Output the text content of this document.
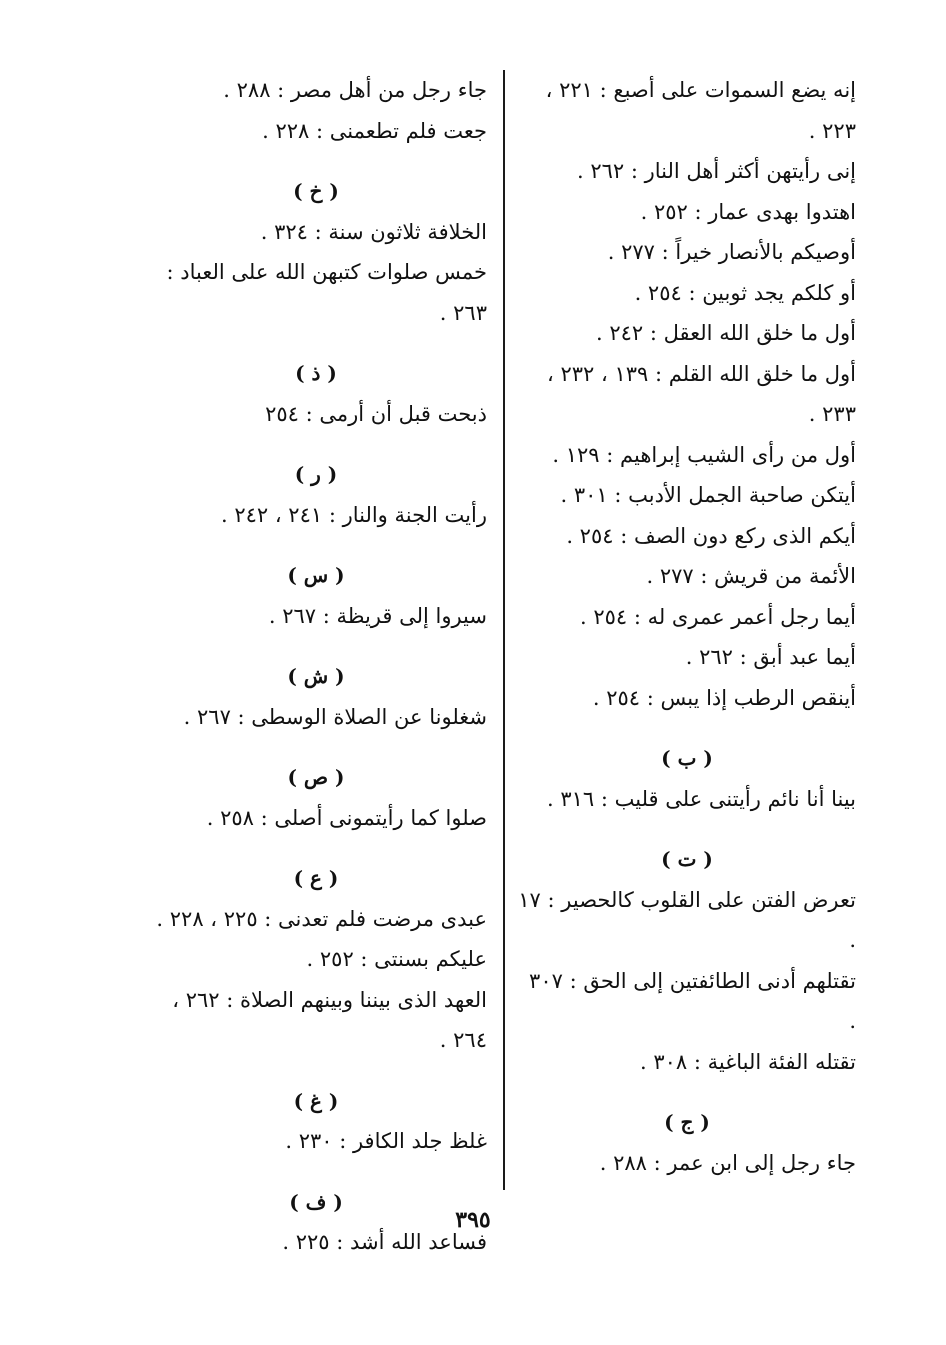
إنه يضع السموات على أصبع : ٢٢١ ، ٢٢٣ .

إنى رأيتهن أكثر أهل النار : ٢٦٢ .

اهتدوا بهدى عمار : ٢٥٢ .

أوصيكم بالأنصار خيراً : ٢٧٧ .

أو كلكم يجد ثوبين : ٢٥٤ .

أول ما خلق الله العقل : ٢٤٢ .

أول ما خلق الله القلم : ١٣٩ ، ٢٣٢ ، ٢٣٣ .

أول من رأى الشيب إبراهيم : ١٢٩ .

أيتكن صاحبة الجمل الأدبب : ٣٠١ .

أيكم الذى ركع دون الصف : ٢٥٤ .

الأئمة من قريش : ٢٧٧ .

أيما رجل أعمر عمرى له : ٢٥٤ .

أيما عبد أبق : ٢٦٢ .

أينقص الرطب إذا يبس : ٢٥٤ .

( ب )

بينا أنا نائم رأيتنى على قليب : ٣١٦ .

( ت )

تعرض الفتن على القلوب كالحصير : ١٧ .

تقتلهم أدنى الطائفتين إلى الحق : ٣٠٧ .

تقتله الفئة الباغية : ٣٠٨ .

( ج )

جاء رجل إلى ابن عمر : ٢٨٨ .

جاء رجل من أهل مصر : ٢٨٨ .

جعت فلم تطعمنى : ٢٢٨ .

( خ )

الخلافة ثلاثون سنة : ٣٢٤ .

خمس صلوات كتبهن الله على العباد : ٢٦٣ .

( ذ )

ذبحت قبل أن أرمى : ٢٥٤

( ر )

رأيت الجنة والنار : ٢٤١ ، ٢٤٢ .

( س )

سيروا إلى قريظة : ٢٦٧ .

( ش )

شغلونا عن الصلاة الوسطى : ٢٦٧ .

( ص )

صلوا كما رأيتمونى أصلى : ٢٥٨ .

( ع )

عبدى مرضت فلم تعدنى : ٢٢٥ ، ٢٢٨ .

عليكم بسنتى : ٢٥٢ .

العهد الذى بيننا وبينهم الصلاة : ٢٦٢ ، ٢٦٤ .

( غ )

غلظ جلد الكافر : ٢٣٠ .

( ف )

فساعد الله أشد : ٢٢٥ .

٣٩٥
